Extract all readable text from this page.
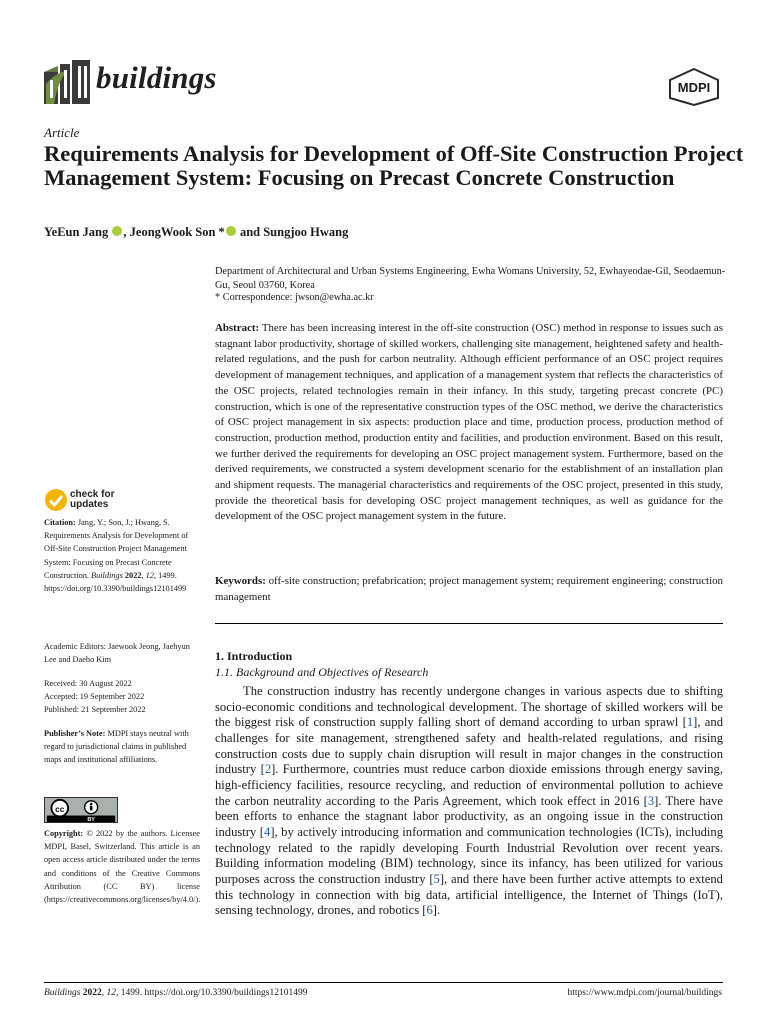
buildings	MDPI
Article
Requirements Analysis for Development of Off-Site Construction Project Management System: Focusing on Precast Concrete Construction
YeEun Jang , JeongWook Son * and Sungjoo Hwang
Department of Architectural and Urban Systems Engineering, Ewha Womans University, 52, Ewhayeodae-Gil, Seodaemun-Gu, Seoul 03760, Korea
* Correspondence: jwson@ewha.ac.kr
Abstract: There has been increasing interest in the off-site construction (OSC) method in response to issues such as stagnant labor productivity, shortage of skilled workers, challenging site management, heightened safety and health-related regulations, and the push for carbon neutrality. Although efficient performance of an OSC project requires development of management techniques, and application of a management system that reflects the characteristics of the OSC projects, related technologies remain in their infancy. In this study, targeting precast concrete (PC) construction, which is one of the representative construction types of the OSC method, we derive the characteristics of OSC project management in six aspects: production place and time, production process, production method of construction, production method, production entity and facilities, and production environment. Based on this result, we further derived the requirements for developing an OSC project management system. Furthermore, based on the derived requirements, we constructed a system development scenario for the establishment of an installation plan and shipment requests. The managerial characteristics and requirements of the OSC project, presented in this study, provide the theoretical basis for developing OSC project management techniques, as well as guidance for the development of the OSC project management system in the future.
Keywords: off-site construction; prefabrication; project management system; requirement engineering; construction management
1. Introduction
1.1. Background and Objectives of Research
The construction industry has recently undergone changes in various aspects due to shifting socio-economic conditions and technological development. The shortage of skilled workers will be the biggest risk of construction supply falling short of demand according to urban sprawl [1], and challenges for site management, strengthened safety and health-related regulations, and rising construction costs due to supply chain disruption will result in major changes in the construction industry [2]. Furthermore, countries must reduce carbon dioxide emissions through energy saving, high-efficiency facilities, resource recycling, and reduction of environmental pollution to achieve the carbon neutrality according to the Paris Agreement, which took effect in 2016 [3]. There have been efforts to enhance the stagnant labor productivity, as an ongoing issue in the construction industry [4], by actively introducing information and communication technologies (ICTs), including technology related to the rapidly developing Fourth Industrial Revolution over recent years. Building information modeling (BIM) technology, since its infancy, has been utilized for various purposes across the construction industry [5], and there have been further active attempts to extend this technology in connection with big data, artificial intelligence, the Internet of Things (IoT), sensing technology, drones, and robotics [6].
check for
updates
Citation: Jang, Y.; Son, J.; Hwang, S. Requirements Analysis for Development of Off-Site Construction Project Management System: Focusing on Precast Concrete Construction. Buildings 2022, 12, 1499. https://doi.org/10.3390/buildings12101499
Academic Editors: Jaewook Jeong, Jaehyun Lee and Daeho Kim
Received: 30 August 2022
Accepted: 19 September 2022
Published: 21 September 2022
Publisher’s Note: MDPI stays neutral with regard to jurisdictional claims in published maps and institutional affiliations.
cc
BY
Copyright: © 2022 by the authors. Licensee MDPI, Basel, Switzerland. This article is an open access article distributed under the terms and conditions of the Creative Commons Attribution (CC BY) license (https://creativecommons.org/licenses/by/4.0/).
Buildings 2022, 12, 1499. https://doi.org/10.3390/buildings12101499	https://www.mdpi.com/journal/buildings
